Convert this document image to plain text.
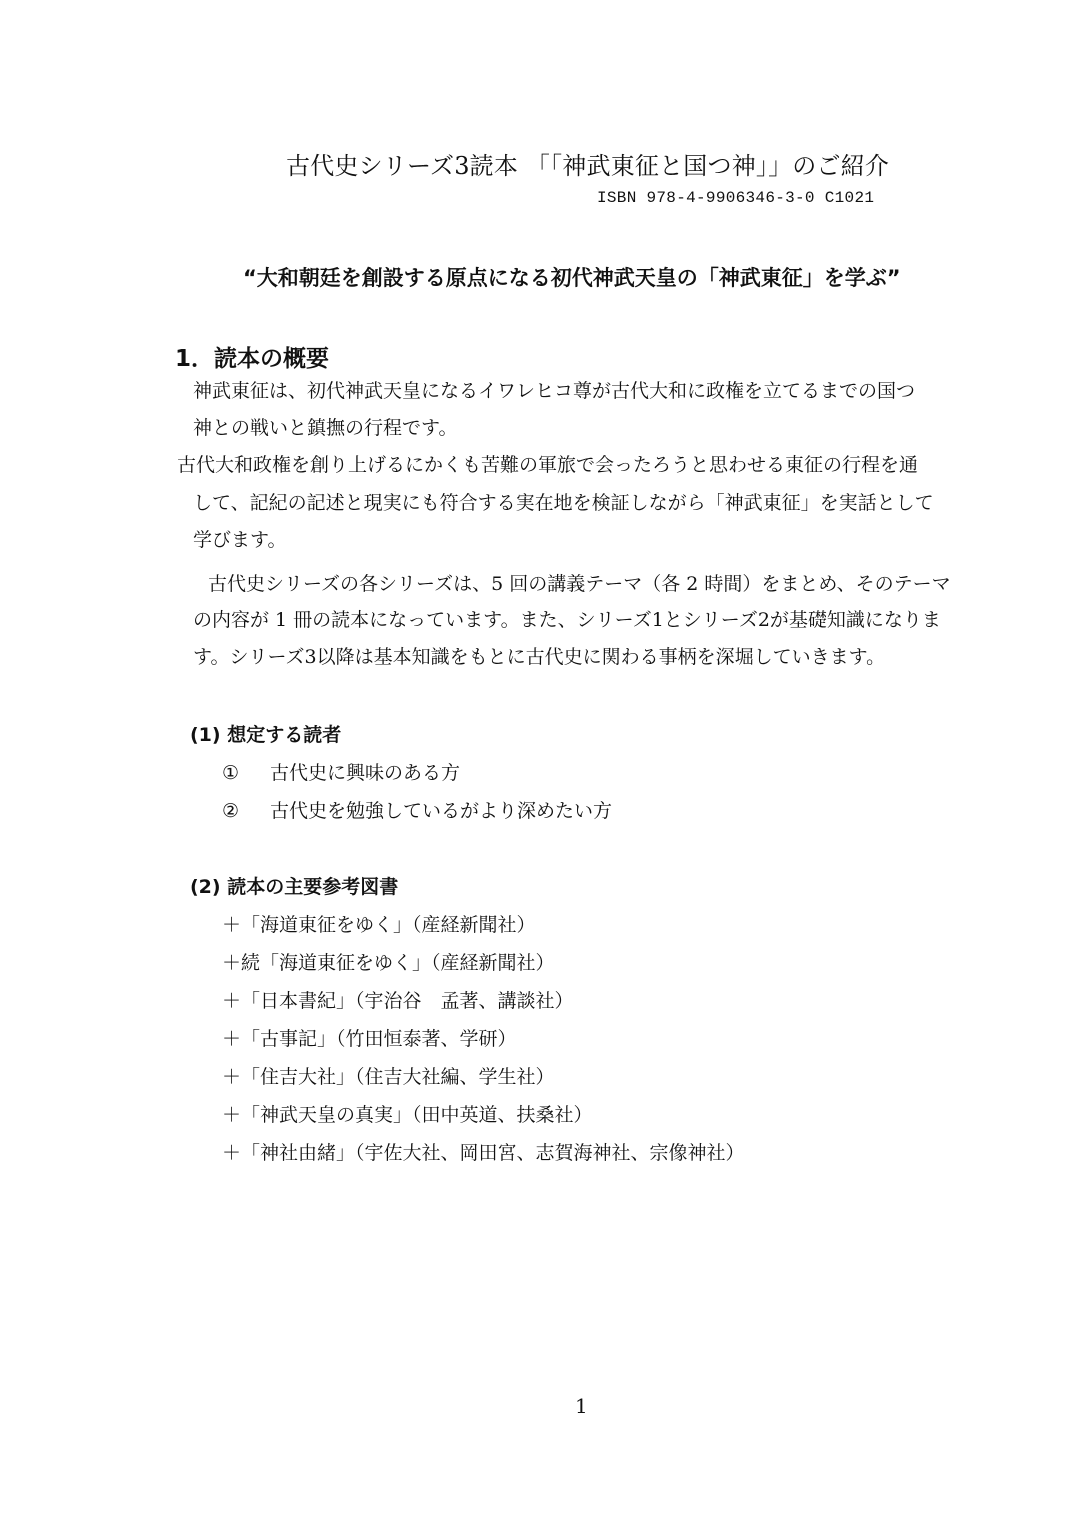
古代史シリーズ3読本 「「神武東征と国つ神」」のご紹介
ISBN 978-4-9906346-3-0 C1021
“大和朝廷を創設する原点になる初代神武天皇の「神武東征」を学ぶ”
1．読本の概要
神武東征は、初代神武天皇になるイワレヒコ尊が古代大和に政権を立てるまでの国つ
神との戦いと鎮撫の行程です。
古代大和政権を創り上げるにかくも苦難の軍旅で会ったろうと思わせる東征の行程を通
して、記紀の記述と現実にも符合する実在地を検証しながら「神武東征」を実話として
学びます。
古代史シリーズの各シリーズは、5 回の講義テーマ（各 2 時間）をまとめ、そのテーマ
の内容が 1 冊の読本になっています。また、シリーズ1とシリーズ2が基礎知識になりま
す。シリーズ3以降は基本知識をもとに古代史に関わる事柄を深堀していきます。
(1) 想定する読者
① 古代史に興味のある方
② 古代史を勉強しているがより深めたい方
(2) 読本の主要参考図書
＋「海道東征をゆく」（産経新聞社）
＋続「海道東征をゆく」（産経新聞社）
＋「日本書紀」（宇治谷　孟著、講談社）
＋「古事記」（竹田恒泰著、学研）
＋「住吉大社」（住吉大社編、学生社）
＋「神武天皇の真実」（田中英道、扶桑社）
＋「神社由緒」（宇佐大社、岡田宮、志賀海神社、宗像神社）
1
